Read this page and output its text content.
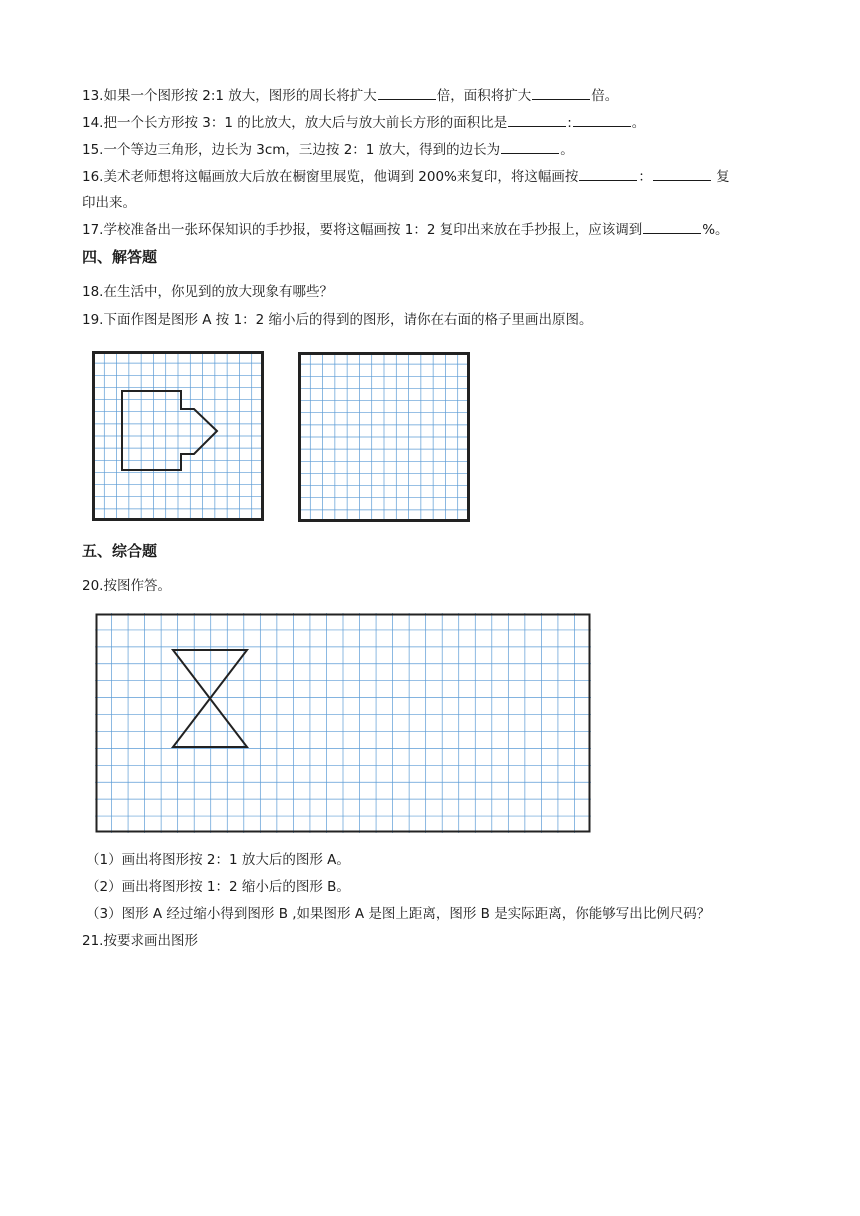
13.如果一个图形按 2:1 放大，图形的周长将扩大	倍，面积将扩大	倍。
14.把一个长方形按 3：1 的比放大，放大后与放大前长方形的面积比是	:	。
15.一个等边三角形，边长为 3cm，三边按 2：1 放大，得到的边长为	。
16.美术老师想将这幅画放大后放在橱窗里展览，他调到 200%来复印，将这幅画按	：	复
印出来。
17.学校准备出一张环保知识的手抄报，要将这幅画按 1：2 复印出来放在手抄报上，应该调到	%。
四、解答题
18.在生活中，你见到的放大现象有哪些？
19.下面作图是图形 A 按 1：2 缩小后的得到的图形，请你在右面的格子里画出原图。
五、综合题
20.按图作答。
（1）画出将图形按 2：1 放大后的图形 A。
（2）画出将图形按 1：2 缩小后的图形 B。
（3）图形 A 经过缩小得到图形 B ,如果图形 A 是图上距离，图形 B 是实际距离，你能够写出比例尺码？
21.按要求画出图形
